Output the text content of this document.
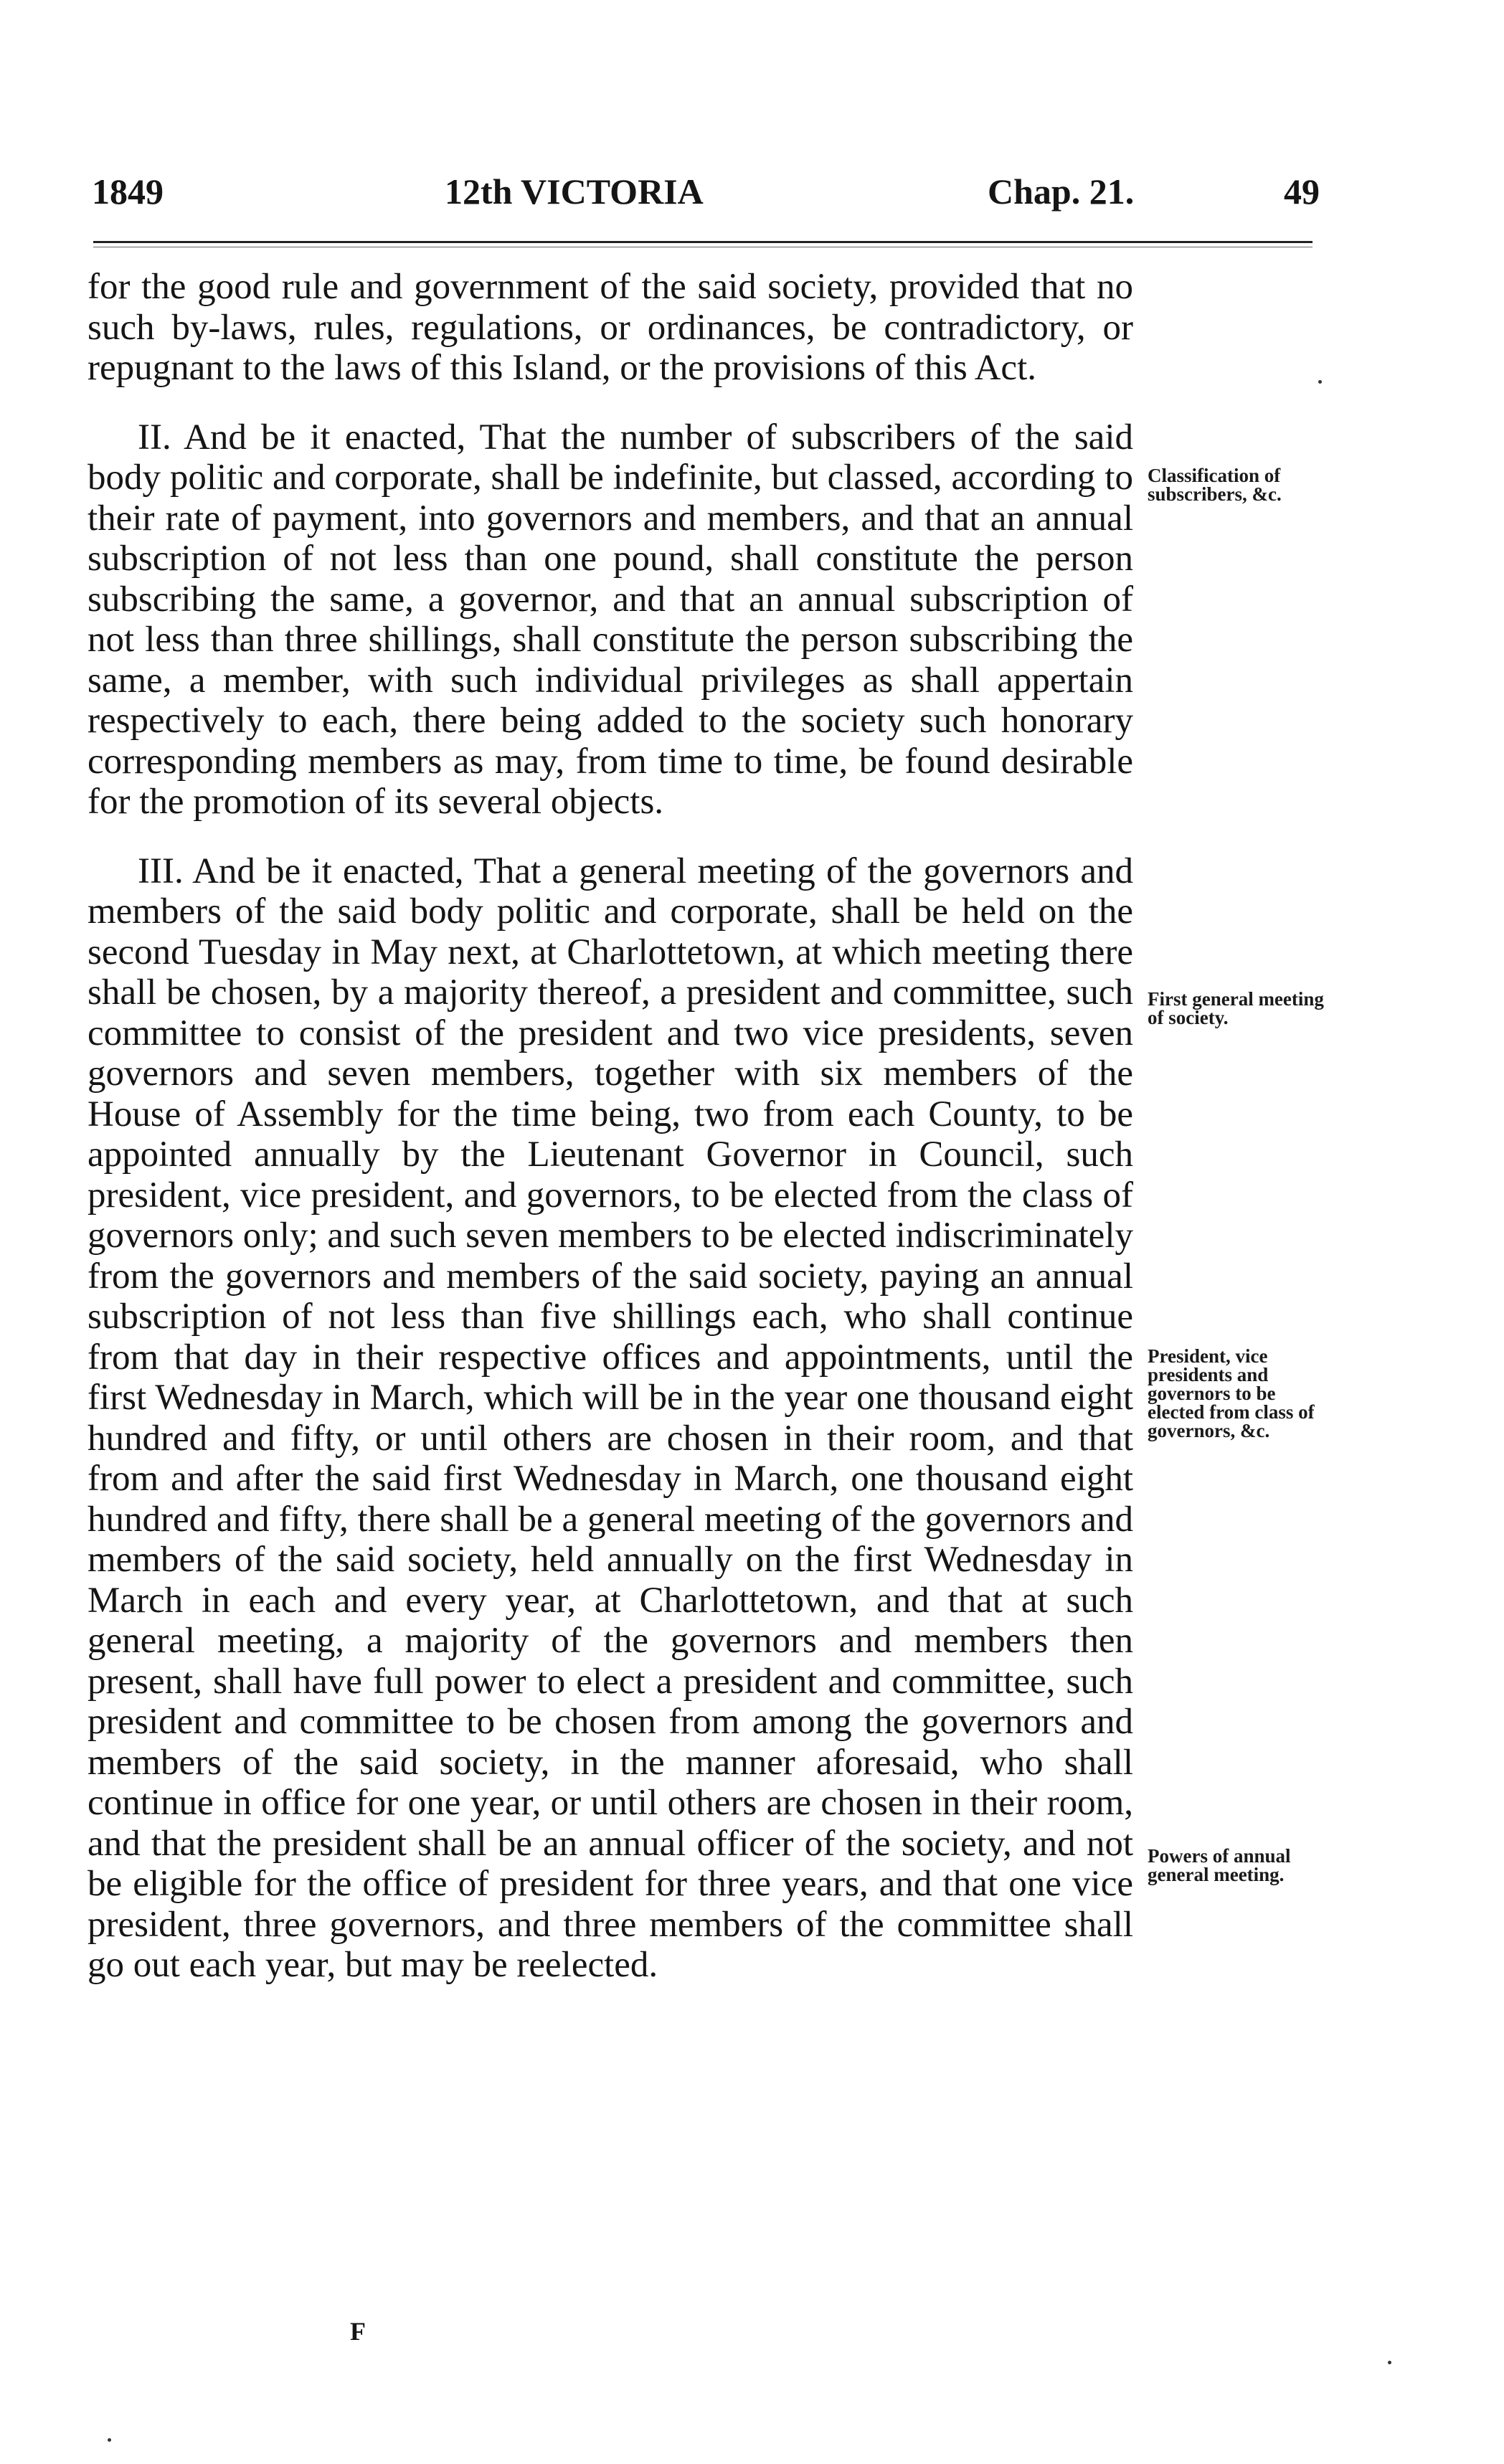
1849	12th VICTORIA	Chap. 21.	49

for the good rule and government of the said society, provided that no such by-laws, rules, regulations, or ordinances, be contradictory, or repugnant to the laws of this Island, or the provisions of this Act.

II. And be it enacted, That the number of subscribers of the said body politic and corporate, shall be indefinite, but classed, according to their rate of payment, into governors and members, and that an annual subscription of not less than one pound, shall constitute the person subscribing the same, a governor, and that an annual subscription of not less than three shillings, shall constitute the person subscribing the same, a member, with such individual privileges as shall appertain respectively to each, there being added to the society such honorary corresponding members as may, from time to time, be found desirable for the promotion of its several objects.

III. And be it enacted, That a general meeting of the governors and members of the said body politic and corporate, shall be held on the second Tuesday in May next, at Charlottetown, at which meeting there shall be chosen, by a majority thereof, a president and committee, such committee to consist of the president and two vice presidents, seven governors and seven members, together with six members of the House of Assembly for the time being, two from each County, to be appointed annually by the Lieutenant Governor in Council, such president, vice president, and governors, to be elected from the class of governors only; and such seven members to be elected indiscriminately from the governors and members of the said society, paying an annual subscription of not less than five shillings each, who shall continue from that day in their respective offices and appointments, until the first Wednesday in March, which will be in the year one thousand eight hundred and fifty, or until others are chosen in their room, and that from and after the said first Wednesday in March, one thousand eight hundred and fifty, there shall be a general meeting of the governors and members of the said society, held annually on the first Wednesday in March in each and every year, at Charlottetown, and that at such general meeting, a majority of the governors and members then present, shall have full power to elect a president and committee, such president and committee to be chosen from among the governors and members of the said society, in the manner aforesaid, who shall continue in office for one year, or until others are chosen in their room, and that the president shall be an annual officer of the society, and not be eligible for the office of president for three years, and that one vice president, three governors, and three members of the committee shall go out each year, but may be reelected.

Classification of subscribers, &c.
First general meeting of society.
President, vice presidents and governors to be elected from class of governors, &c.
Powers of annual general meeting.
F
